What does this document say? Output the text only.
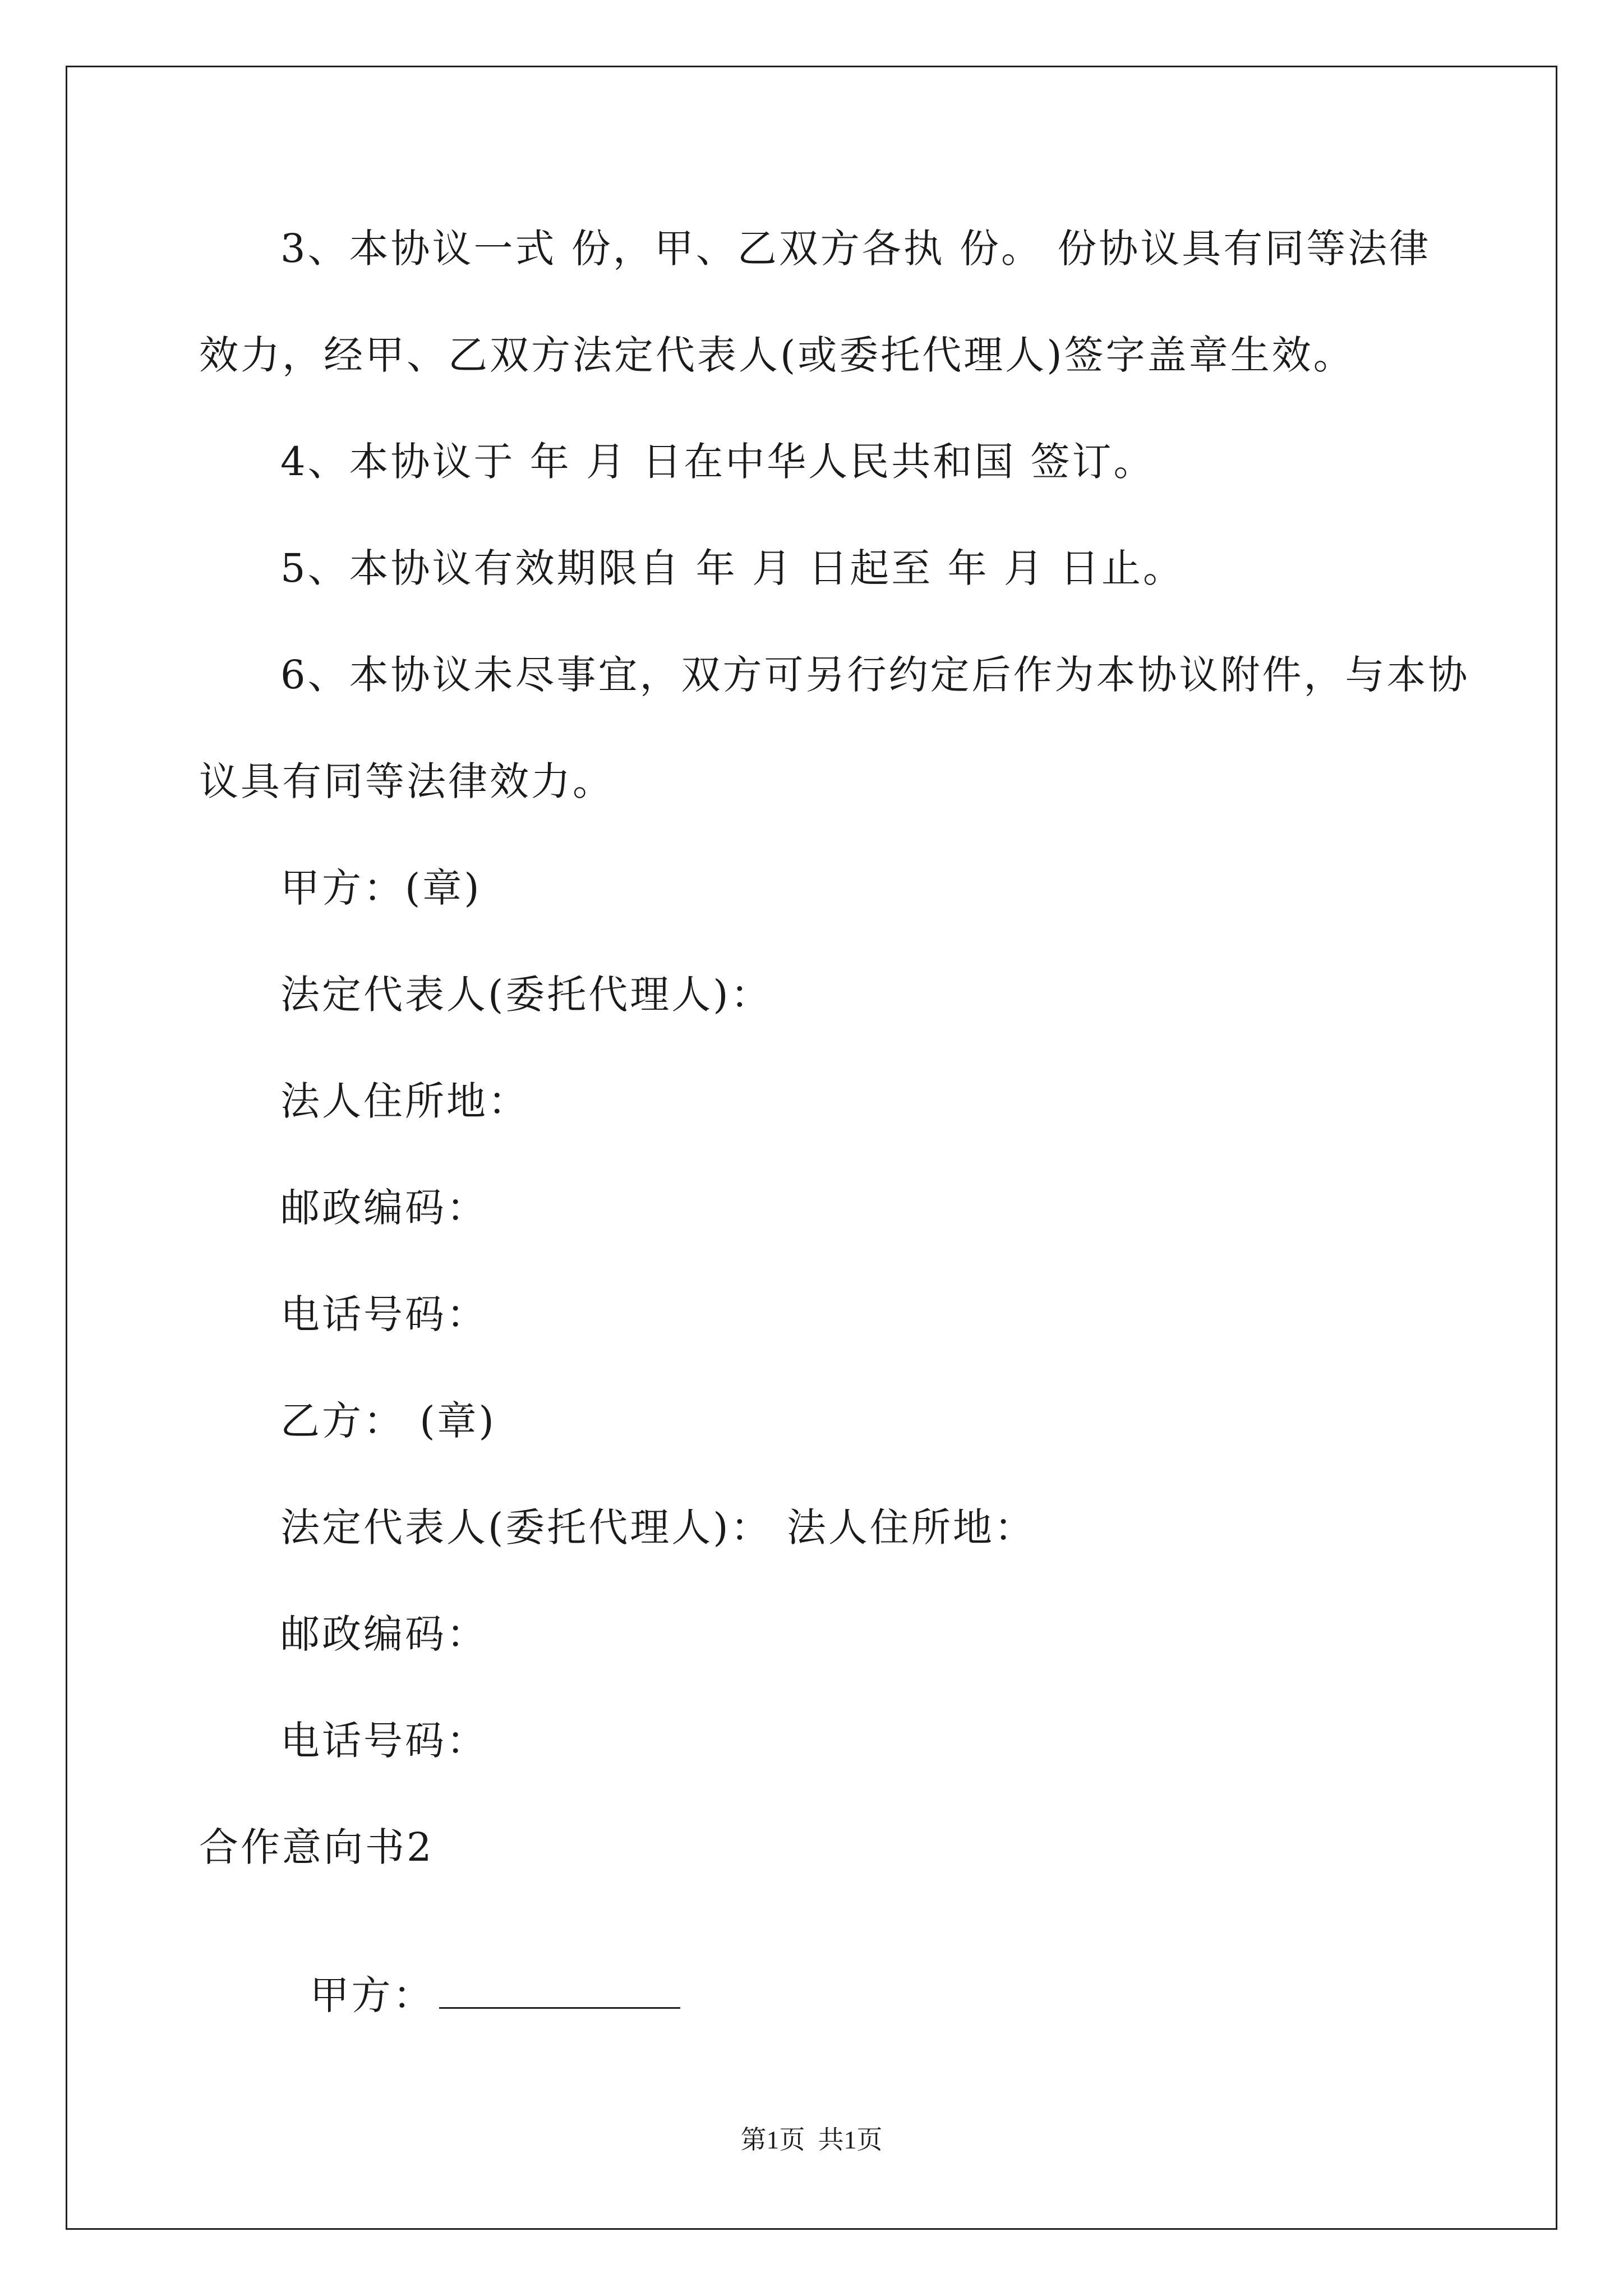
3、本协议一式 份，甲、乙双方各执 份。 份协议具有同等法律
效力，经甲、乙双方法定代表人(或委托代理人)签字盖章生效。
4、本协议于 年 月 日在中华人民共和国 签订。
5、本协议有效期限自 年 月 日起至 年 月 日止。
6、本协议未尽事宜，双方可另行约定后作为本协议附件，与本协
议具有同等法律效力。
甲方：(章)
法定代表人(委托代理人)：
法人住所地：
邮政编码：
电话号码：
乙方： (章)
法定代表人(委托代理人)： 法人住所地：
邮政编码：
电话号码：
合作意向书2

甲方：

第1页  共1页
